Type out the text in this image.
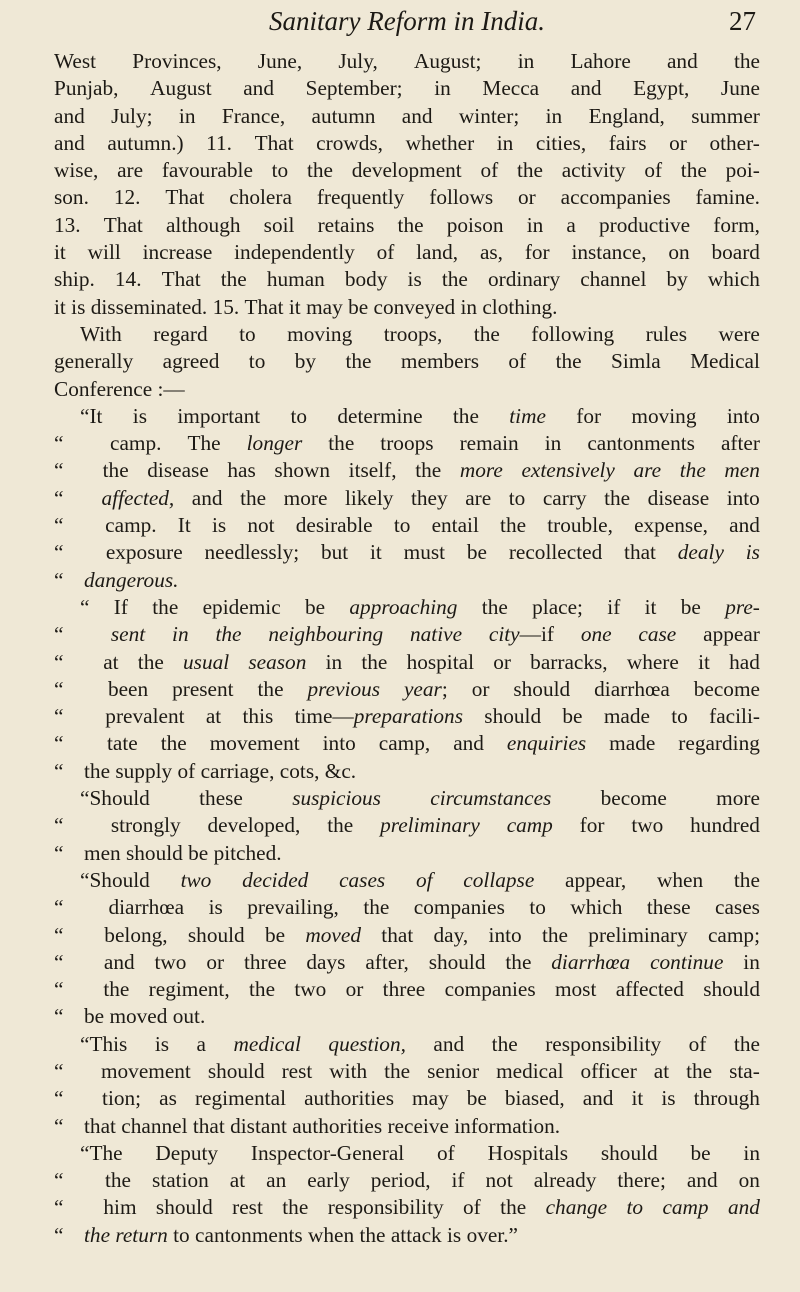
Sanitary Reform in India.	27
West Provinces, June, July, August; in Lahore and the
Punjab, August and September; in Mecca and Egypt, June
and July; in France, autumn and winter; in England, summer
and autumn.) 11. That crowds, whether in cities, fairs or other-
wise, are favourable to the development of the activity of the poi-
son. 12. That cholera frequently follows or accompanies famine.
13. That although soil retains the poison in a productive form,
it will increase independently of land, as, for instance, on board
ship. 14. That the human body is the ordinary channel by which
it is disseminated. 15. That it may be conveyed in clothing.
With regard to moving troops, the following rules were
generally agreed to by the members of the Simla Medical
Conference :—
“It is important to determine the time for moving into
“	camp. The longer the troops remain in cantonments after
“	the disease has shown itself, the more extensively are the men
“	affected, and the more likely they are to carry the disease into
“	camp. It is not desirable to entail the trouble, expense, and
“	exposure needlessly; but it must be recollected that dealy is
“ dangerous.
“ If the epidemic be approaching the place; if it be pre-
“	sent in the neighbouring native city—if one case appear
“	at the usual season in the hospital or barracks, where it had
“	been present the previous year; or should diarrhœa become
“	prevalent at this time—preparations should be made to facili-
“	tate the movement into camp, and enquiries made regarding
“ the supply of carriage, cots, &c.
“Should these suspicious circumstances become more
“	strongly developed, the preliminary camp for two hundred
“ men should be pitched.
“Should two decided cases of collapse appear, when the
“	diarrhœa is prevailing, the companies to which these cases
“	belong, should be moved that day, into the preliminary camp;
“	and two or three days after, should the diarrhœa continue in
“	the regiment, the two or three companies most affected should
“ be moved out.
“This is a medical question, and the responsibility of the
“	movement should rest with the senior medical officer at the sta-
“	tion; as regimental authorities may be biased, and it is through
“ that channel that distant authorities receive information.
“The Deputy Inspector-General of Hospitals should be in
“	the station at an early period, if not already there; and on
“	him should rest the responsibility of the change to camp and
“ the return to cantonments when the attack is over.”
